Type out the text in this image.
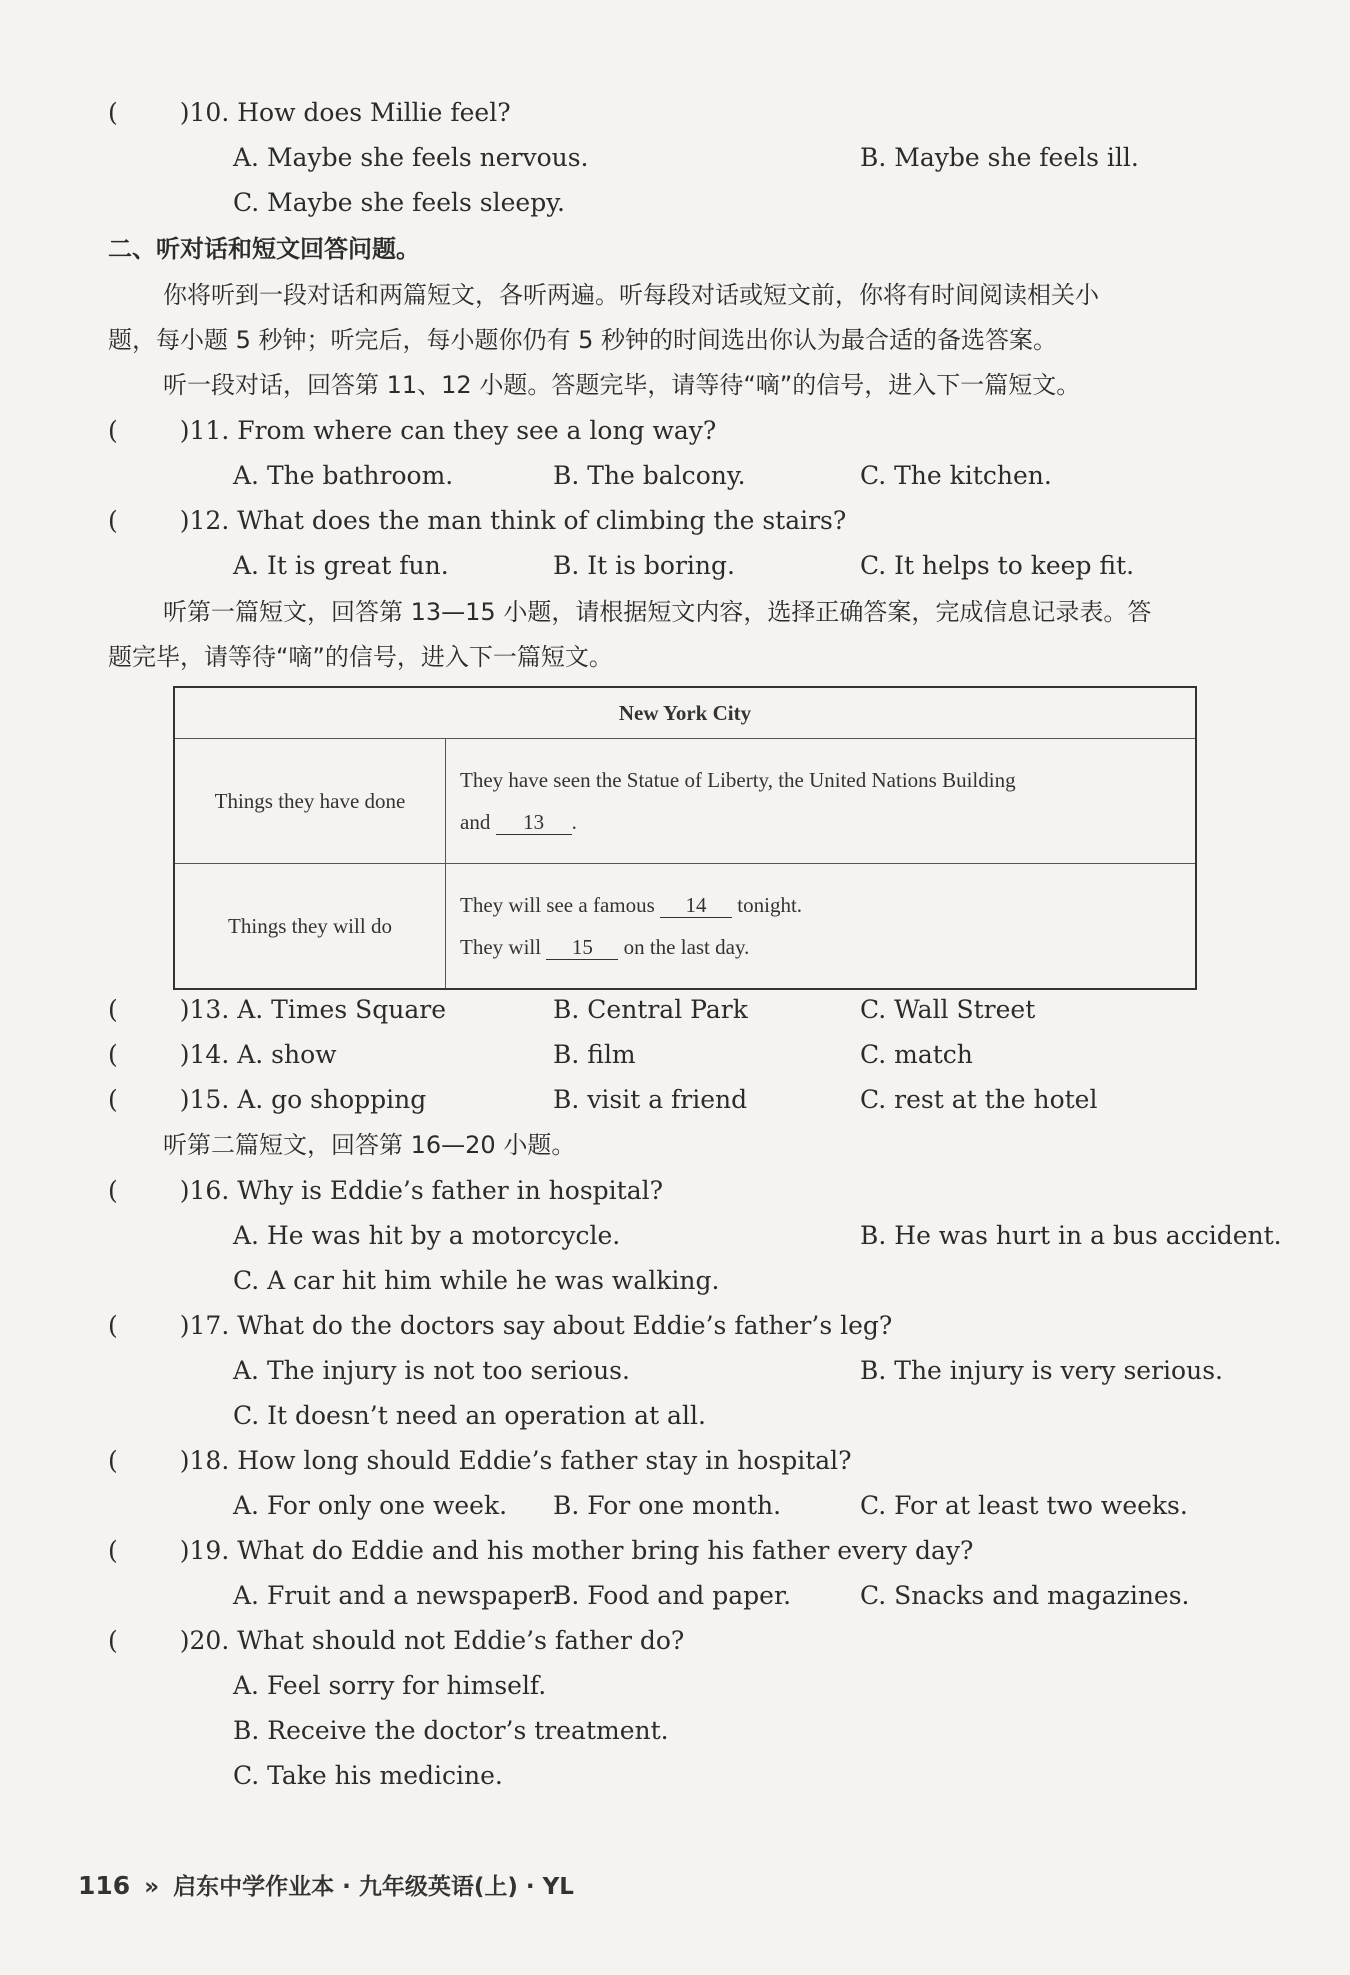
( )10. How does Millie feel?
A. Maybe she feels nervous.	B. Maybe she feels ill.
C. Maybe she feels sleepy.
二、听对话和短文回答问题。
你将听到一段对话和两篇短文，各听两遍。听每段对话或短文前，你将有时间阅读相关小
题，每小题 5 秒钟；听完后，每小题你仍有 5 秒钟的时间选出你认为最合适的备选答案。
听一段对话，回答第 11、12 小题。答题完毕，请等待“嘀”的信号，进入下一篇短文。
( )11. From where can they see a long way?
A. The bathroom.	B. The balcony.	C. The kitchen.
( )12. What does the man think of climbing the stairs?
A. It is great fun.	B. It is boring.	C. It helps to keep fit.
听第一篇短文，回答第 13—15 小题，请根据短文内容，选择正确答案，完成信息记录表。答
题完毕，请等待“嘀”的信号，进入下一篇短文。
New York City	
Things they have done	They have seen the Statue of Liberty, the United Nations Building
and 13 .

Things they will do	They will see a famous 14 tonight.
They will 15 on the last day.
( )13. A. Times Square	B. Central Park	C. Wall Street
( )14. A. show	B. film	C. match
( )15. A. go shopping	B. visit a friend	C. rest at the hotel
听第二篇短文，回答第 16—20 小题。
( )16. Why is Eddie’s father in hospital?
A. He was hit by a motorcycle.	B. He was hurt in a bus accident.
C. A car hit him while he was walking.
( )17. What do the doctors say about Eddie’s father’s leg?
A. The injury is not too serious.	B. The injury is very serious.
C. It doesn’t need an operation at all.
( )18. How long should Eddie’s father stay in hospital?
A. For only one week. B. For one month.	C. For at least two weeks.
( )19. What do Eddie and his mother bring his father every day?
A. Fruit and a newspaper.
B. Food and paper.	C. Snacks and magazines.
( )20. What should not Eddie’s father do?
A. Feel sorry for himself.
B. Receive the doctor’s treatment.
C. Take his medicine.
116 » 启东中学作业本 · 九年级英语(上) · YL
